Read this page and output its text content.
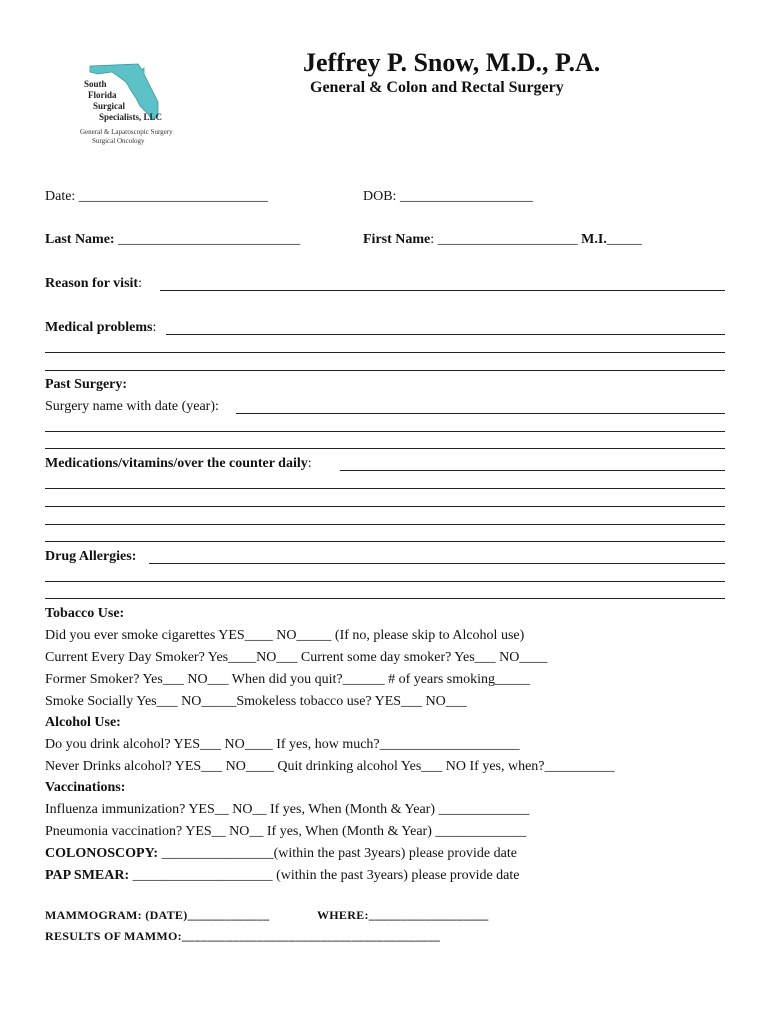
South
Florida
Surgical
Specialists, LLC
General & Laparoscopic Surgery
Surgical Oncology
Jeffrey P. Snow, M.D., P.A.
General & Colon and Rectal Surgery
Date: ___________________________	DOB: ___________________
Last Name: __________________________	First Name: ____________________ M.I._____
Reason for visit:
Medical problems:
Past Surgery:
Surgery name with date (year):
Medications/vitamins/over the counter daily:
Drug Allergies:
Tobacco Use:
Did you ever smoke cigarettes YES____ NO_____ (If no, please skip to Alcohol use)
Current Every Day Smoker? Yes____NO___ Current some day smoker? Yes___ NO____
Former Smoker? Yes___ NO___ When did you quit?______ # of years smoking_____
Smoke Socially Yes___ NO_____Smokeless tobacco use? YES___ NO___
Alcohol Use:
Do you drink alcohol? YES___ NO____ If yes, how much?____________________
Never Drinks alcohol? YES___ NO____ Quit drinking alcohol Yes___ NO If yes, when?__________
Vaccinations:
Influenza immunization? YES__ NO__ If yes, When (Month & Year) _____________
Pneumonia vaccination? YES__ NO__ If yes, When (Month & Year) _____________
COLONOSCOPY: ________________(within the past 3years) please provide date
PAP SMEAR: ____________________ (within the past 3years) please provide date
MAMMOGRAM: (DATE)_____________	WHERE:___________________
RESULTS OF MAMMO:_________________________________________
